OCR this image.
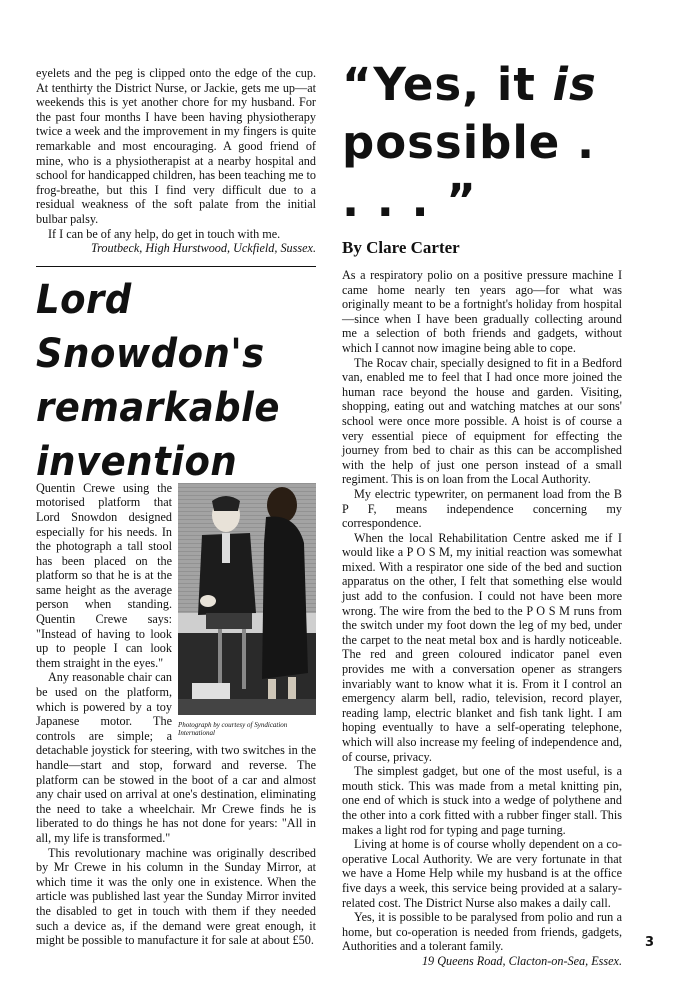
eyelets and the peg is clipped onto the edge of the cup. At tenthirty the District Nurse, or Jackie, gets me up—at weekends this is yet another chore for my husband. For the past four months I have been having physiotherapy twice a week and the improvement in my fingers is quite remarkable and most encouraging. A good friend of mine, who is a physiotherapist at a nearby hospital and school for handicapped children, has been teaching me to frog-breathe, but this I find very difficult due to a residual weakness of the soft palate from the initial bulbar palsy.

If I can be of any help, do get in touch with me.

Troutbeck, High Hurstwood, Uckfield, Sussex.

Lord Snowdon's remarkable invention
Photograph by courtesy of Syndication International

Quentin Crewe using the motorised platform that Lord Snowdon designed especially for his needs. In the photograph a tall stool has been placed on the platform so that he is at the same height as the average person when standing. Quentin Crewe says: "Instead of having to look up to people I can look them straight in the eyes."

Any reasonable chair can be used on the platform, which is powered by a toy Japanese motor. The controls are simple; a detachable joystick for steering, with two switches in the handle—start and stop, forward and reverse. The platform can be stowed in the boot of a car and almost any chair used on arrival at one's destination, eliminating the need to take a wheelchair. Mr Crewe finds he is liberated to do things he has not done for years: "All in all, my life is transformed."

This revolutionary machine was originally described by Mr Crewe in his column in the Sunday Mirror, at which time it was the only one in existence. When the article was published last year the Sunday Mirror invited the disabled to get in touch with them if they needed such a device as, if the demand were great enough, it might be possible to manufacture it for sale at about £50.

“Yes, it is
possible . . . . ”
By Clare Carter

As a respiratory polio on a positive pressure machine I came home nearly ten years ago—for what was originally meant to be a fortnight's holiday from hospital—since when I have been gradually collecting around me a selection of both friends and gadgets, without which I cannot now imagine being able to cope.

The Rocav chair, specially designed to fit in a Bedford van, enabled me to feel that I had once more joined the human race beyond the house and garden. Visiting, shopping, eating out and watching matches at our sons' school were once more possible. A hoist is of course a very essential piece of equipment for effecting the journey from bed to chair as this can be accomplished with the help of just one person instead of a small regiment. This is on loan from the Local Authority.

My electric typewriter, on permanent load from the B P F, means independence concerning my correspondence.

When the local Rehabilitation Centre asked me if I would like a P O S M, my initial reaction was somewhat mixed. With a respirator one side of the bed and suction apparatus on the other, I felt that something else would just add to the confusion. I could not have been more wrong. The wire from the bed to the P O S M runs from the switch under my foot down the leg of my bed, under the carpet to the neat metal box and is hardly noticeable. The red and green coloured indicator panel even provides me with a conversation opener as strangers invariably want to know what it is. From it I control an emergency alarm bell, radio, television, record player, reading lamp, electric blanket and fish tank light. I am hoping eventually to have a self-operating telephone, which will also increase my feeling of independence and, of course, privacy.

The simplest gadget, but one of the most useful, is a mouth stick. This was made from a metal knitting pin, one end of which is stuck into a wedge of polythene and the other into a cork fitted with a rubber finger stall. This makes a light rod for typing and page turning.

Living at home is of course wholly dependent on a co-operative Local Authority. We are very fortunate in that we have a Home Help while my husband is at the office five days a week, this service being provided at a salary-related cost. The District Nurse also makes a daily call.

Yes, it is possible to be paralysed from polio and run a home, but co-operation is needed from friends, gadgets, Authorities and a tolerant family.

19 Queens Road, Clacton-on-Sea, Essex.

3
